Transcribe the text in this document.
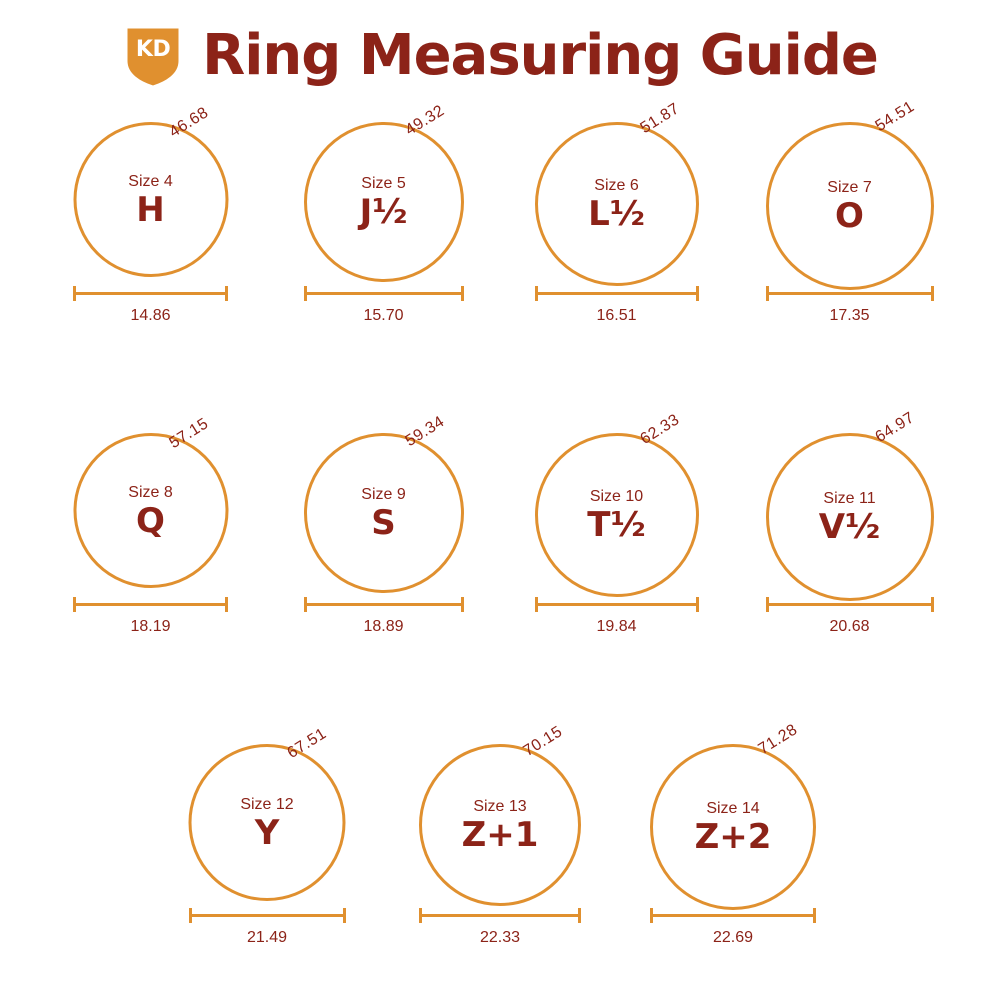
KD Ring Measuring Guide
Size 4
H
46.68
14.86
Size 5
J½
49.32
15.70
Size 6
L½
51.87
16.51
Size 7
O
54.51
17.35
Size 8
Q
57.15
18.19
Size 9
S
59.34
18.89
Size 10
T½
62.33
19.84
Size 11
V½
64.97
20.68
Size 12
Y
67.51
21.49
Size 13
Z+1
70.15
22.33
Size 14
Z+2
71.28
22.69
